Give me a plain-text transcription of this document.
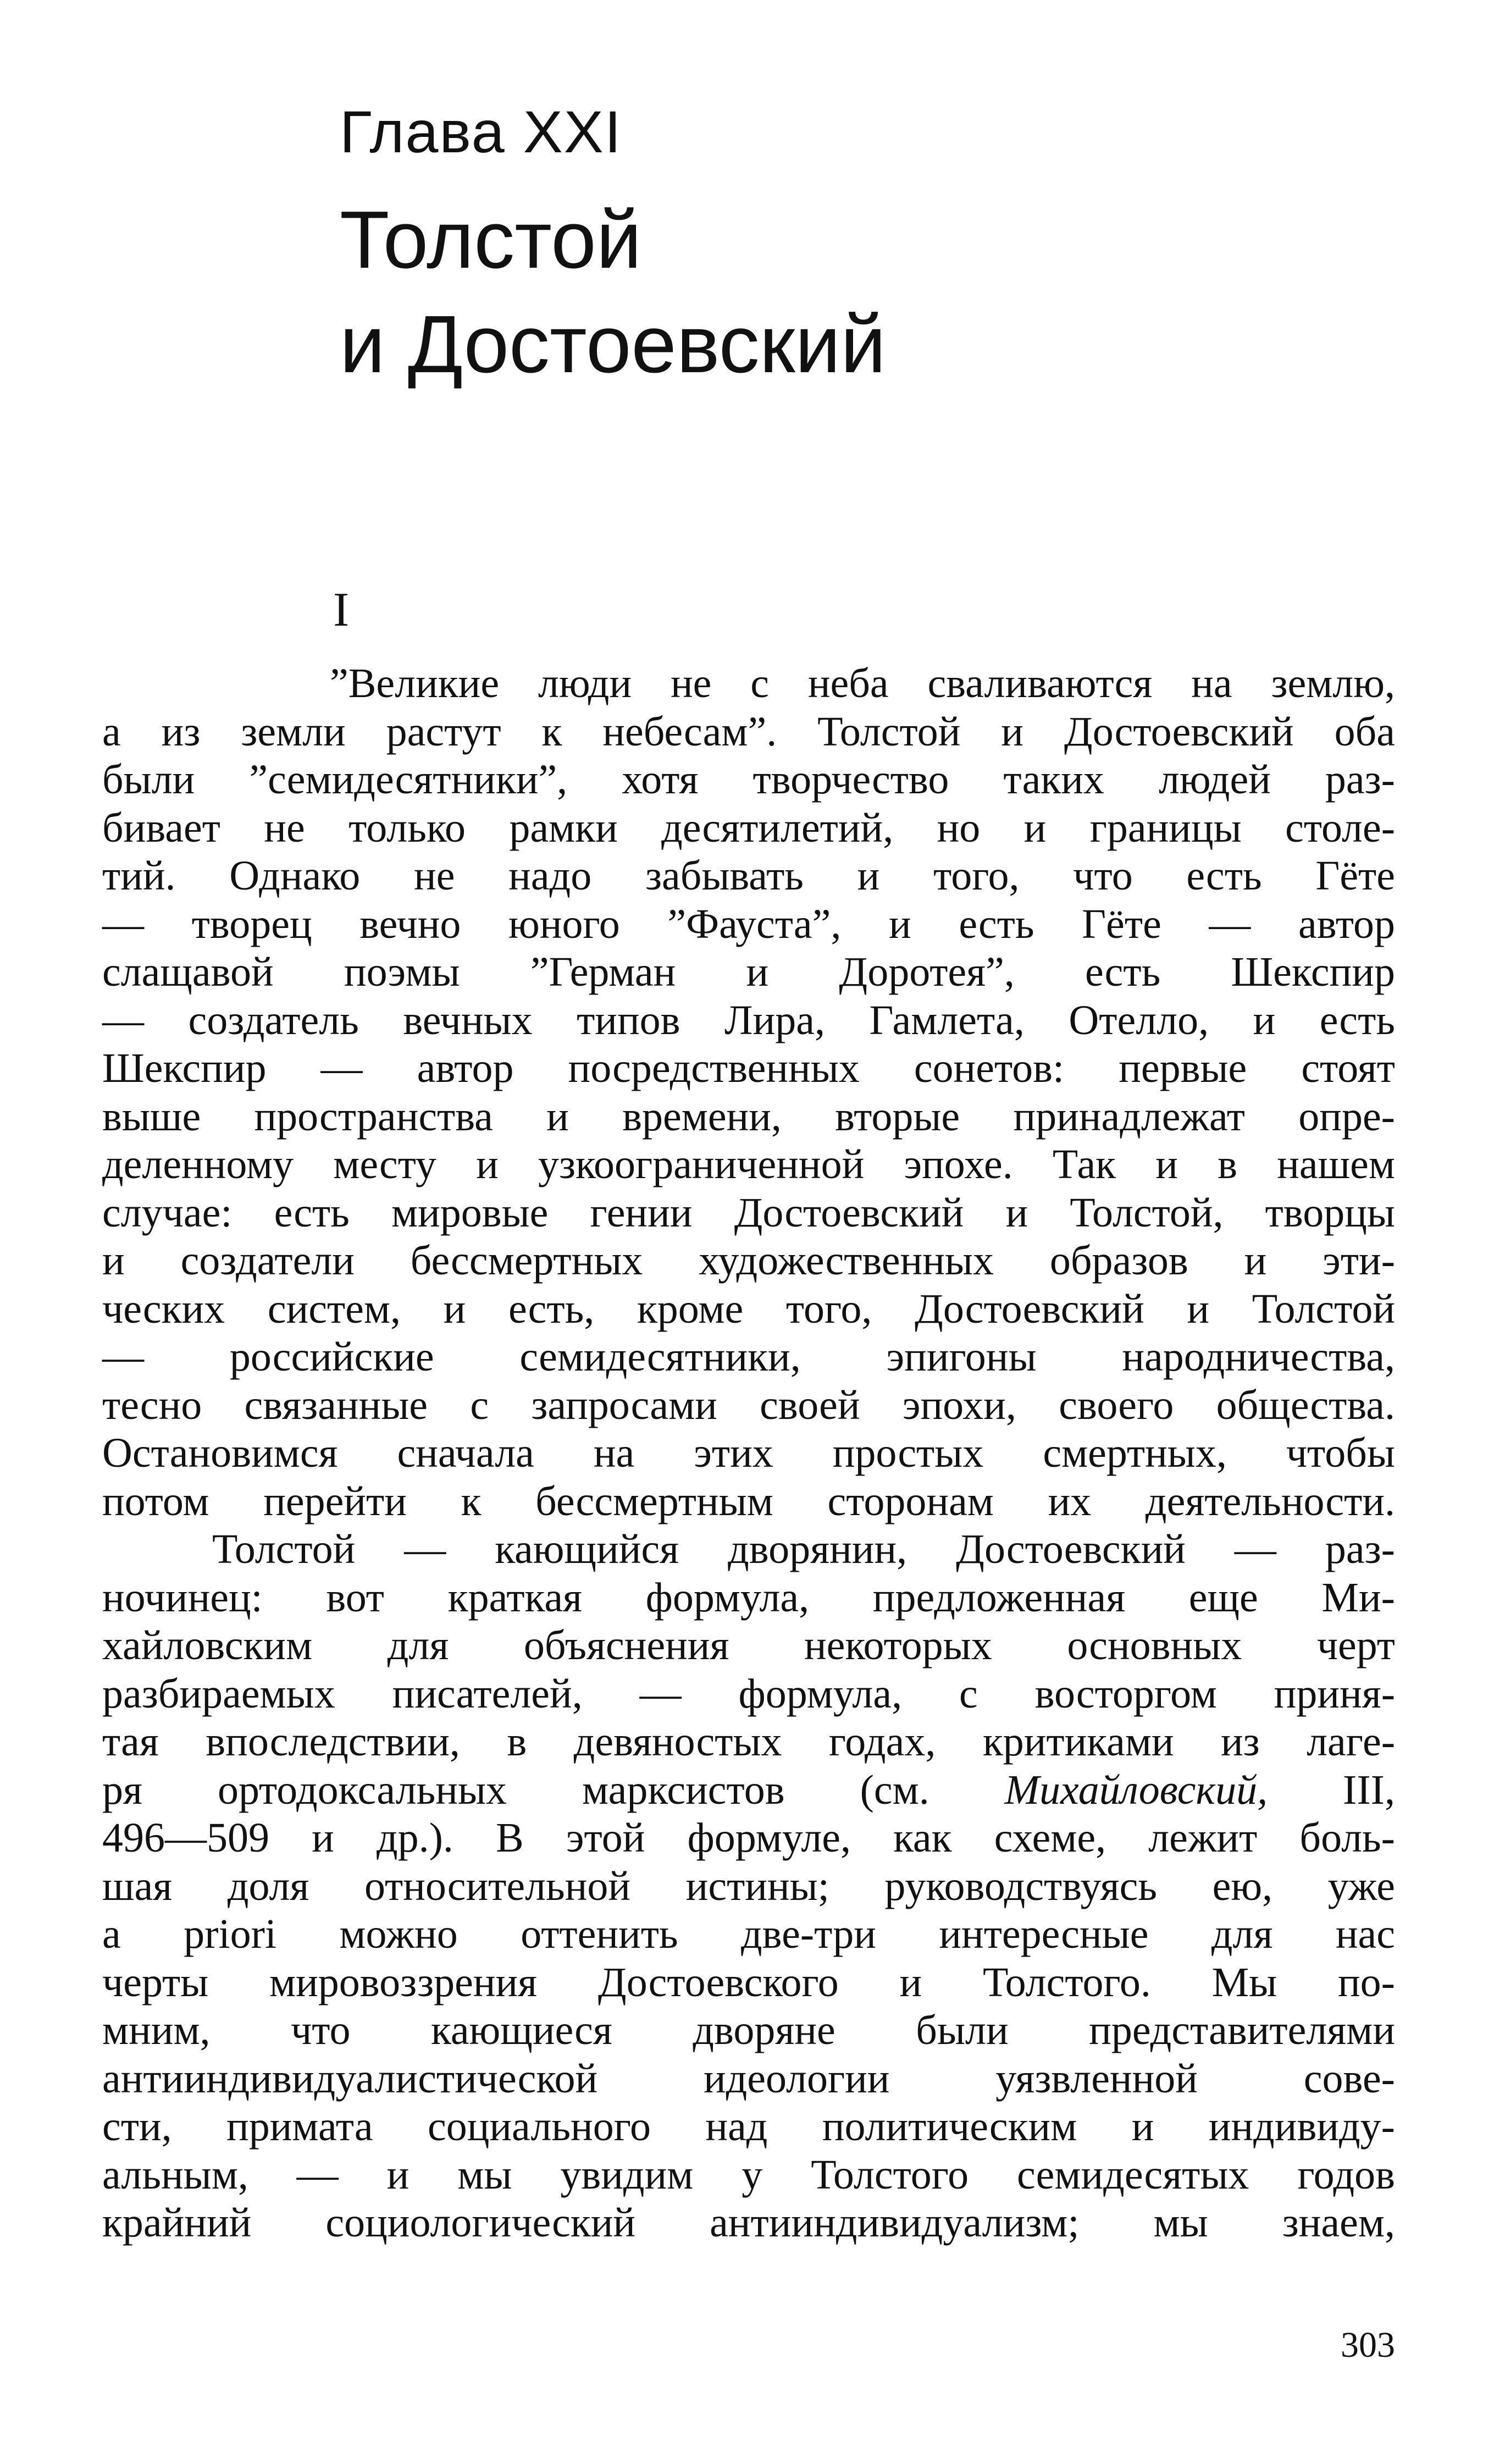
Глава XXI
Толстой
и Достоевский
I
”Великие люди не с неба сваливаются на землю,
а из земли растут к небесам”. Толстой и Достоевский оба
были ”семидесятники”, хотя творчество таких людей раз-
бивает не только рамки десятилетий, но и границы столе-
тий. Однако не надо забывать и того, что есть Гёте
— творец вечно юного ”Фауста”, и есть Гёте — автор
слащавой поэмы ”Герман и Доротея”, есть Шекспир
— создатель вечных типов Лира, Гамлета, Отелло, и есть
Шекспир — автор посредственных сонетов: первые стоят
выше пространства и времени, вторые принадлежат опре-
деленному месту и узкоограниченной эпохе. Так и в нашем
случае: есть мировые гении Достоевский и Толстой, творцы
и создатели бессмертных художественных образов и эти-
ческих систем, и есть, кроме того, Достоевский и Толстой
— российские семидесятники, эпигоны народничества,
тесно связанные с запросами своей эпохи, своего общества.
Остановимся сначала на этих простых смертных, чтобы
потом перейти к бессмертным сторонам их деятельности.
Толстой — кающийся дворянин, Достоевский — раз-
ночинец: вот краткая формула, предложенная еще Ми-
хайловским для объяснения некоторых основных черт
разбираемых писателей, — формула, с восторгом приня-
тая впоследствии, в девяностых годах, критиками из лаге-
ря ортодоксальных марксистов (см. Михайловский, III,
496—509 и др.). В этой формуле, как схеме, лежит боль-
шая доля относительной истины; руководствуясь ею, уже
a priori можно оттенить две-три интересные для нас
черты мировоззрения Достоевского и Толстого. Мы по-
мним, что кающиеся дворяне были представителями
антииндивидуалистической идеологии уязвленной сове-
сти, примата социального над политическим и индивиду-
альным, — и мы увидим у Толстого семидесятых годов
крайний социологический антииндивидуализм; мы знаем,
303
